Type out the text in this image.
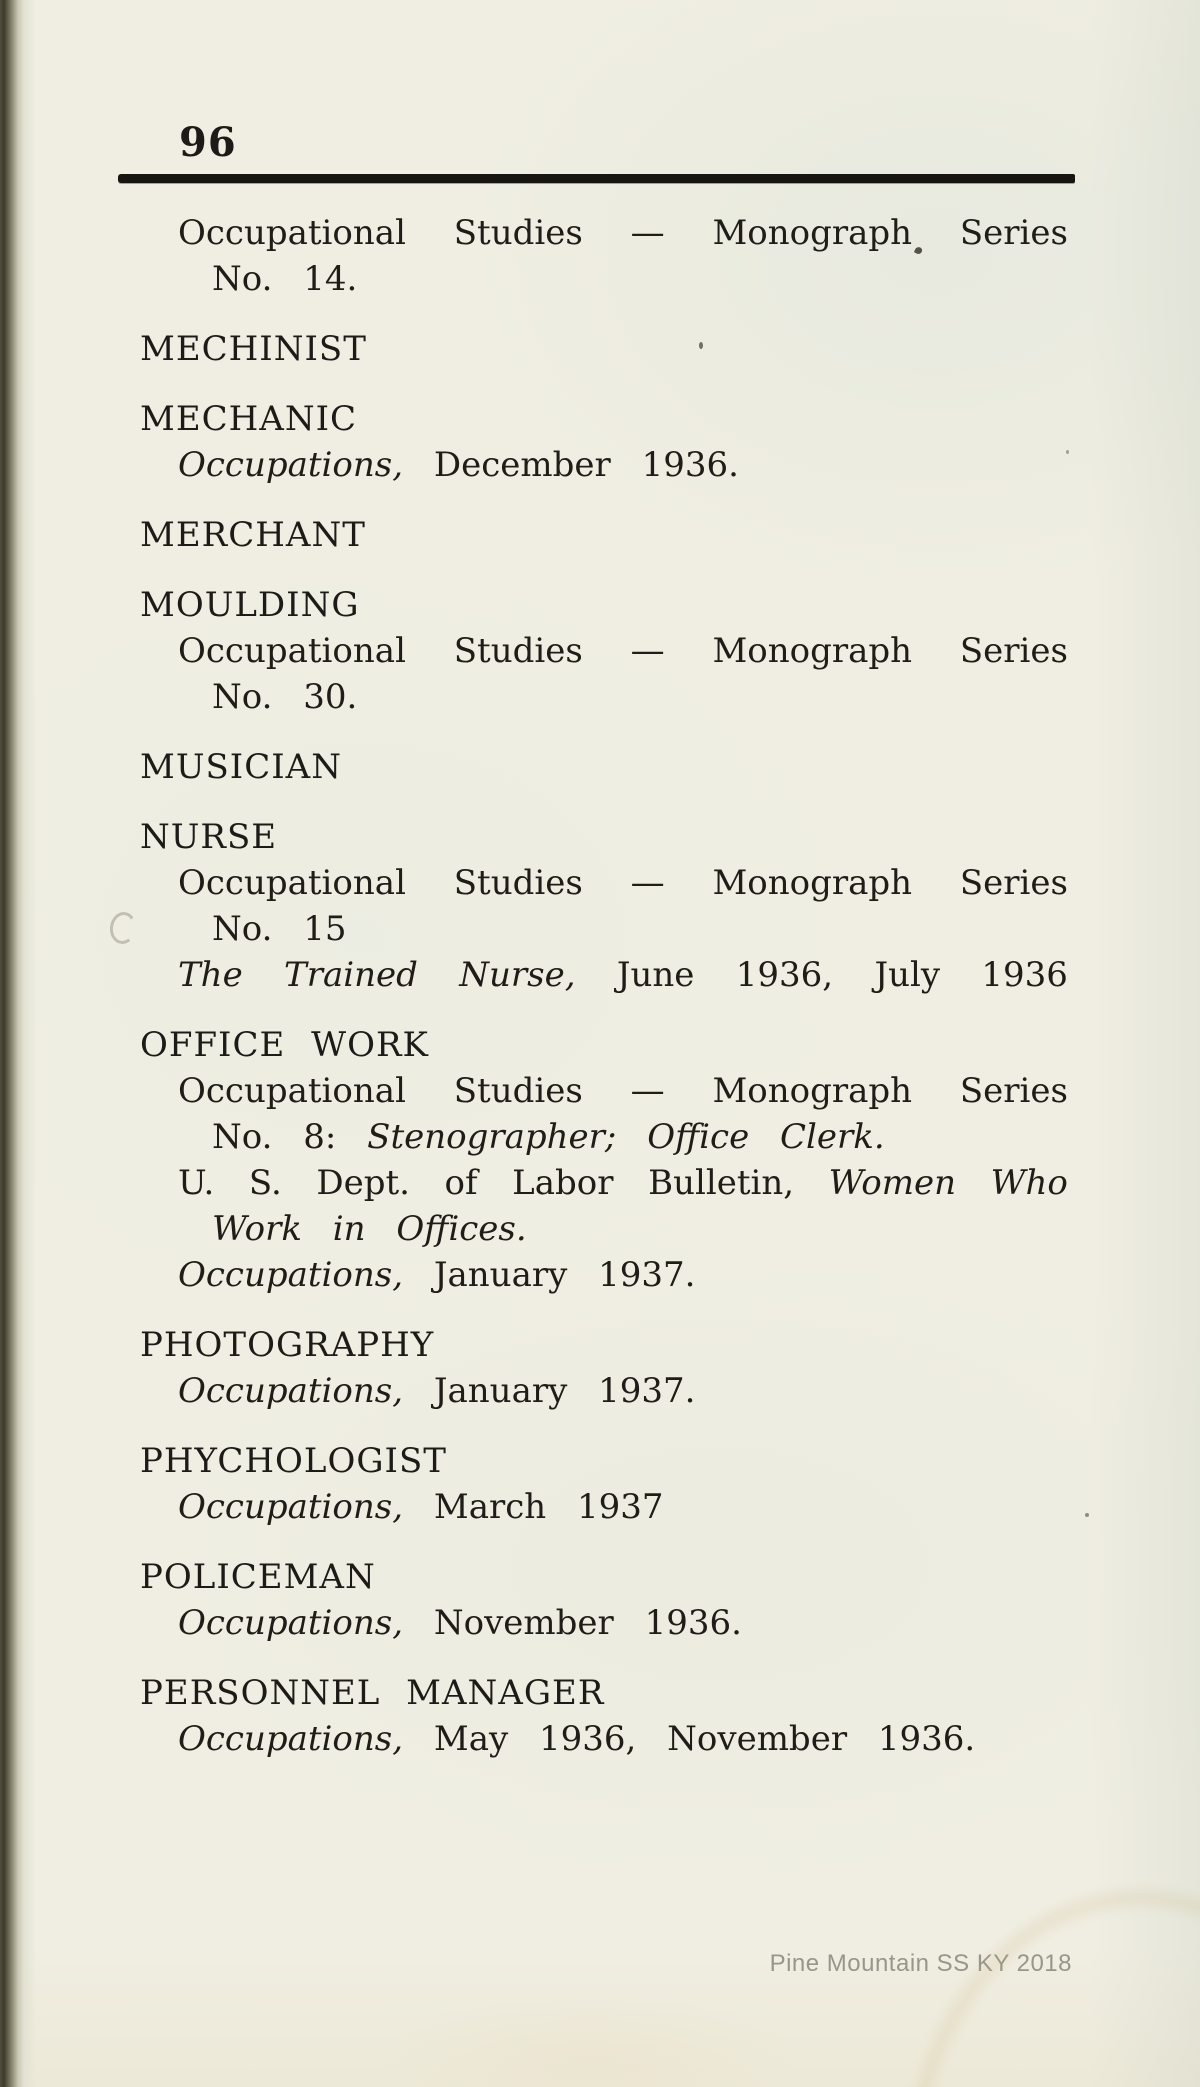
96
Occupational Studies — Monograph Series
No. 14.
MECHINIST
MECHANIC
Occupations, December 1936.
MERCHANT
MOULDING
Occupational Studies — Monograph Series
No. 30.
MUSICIAN
NURSE
Occupational Studies — Monograph Series
No. 15
The Trained Nurse, June 1936, July 1936
OFFICE WORK
Occupational Studies — Monograph Series
No. 8: Stenographer; Office Clerk.
U. S. Dept. of Labor Bulletin, Women Who
Work in Offices.
Occupations, January 1937.
PHOTOGRAPHY
Occupations, January 1937.
PHYCHOLOGIST
Occupations, March 1937
POLICEMAN
Occupations, November 1936.
PERSONNEL MANAGER
Occupations, May 1936, November 1936.
Pine Mountain SS KY 2018
